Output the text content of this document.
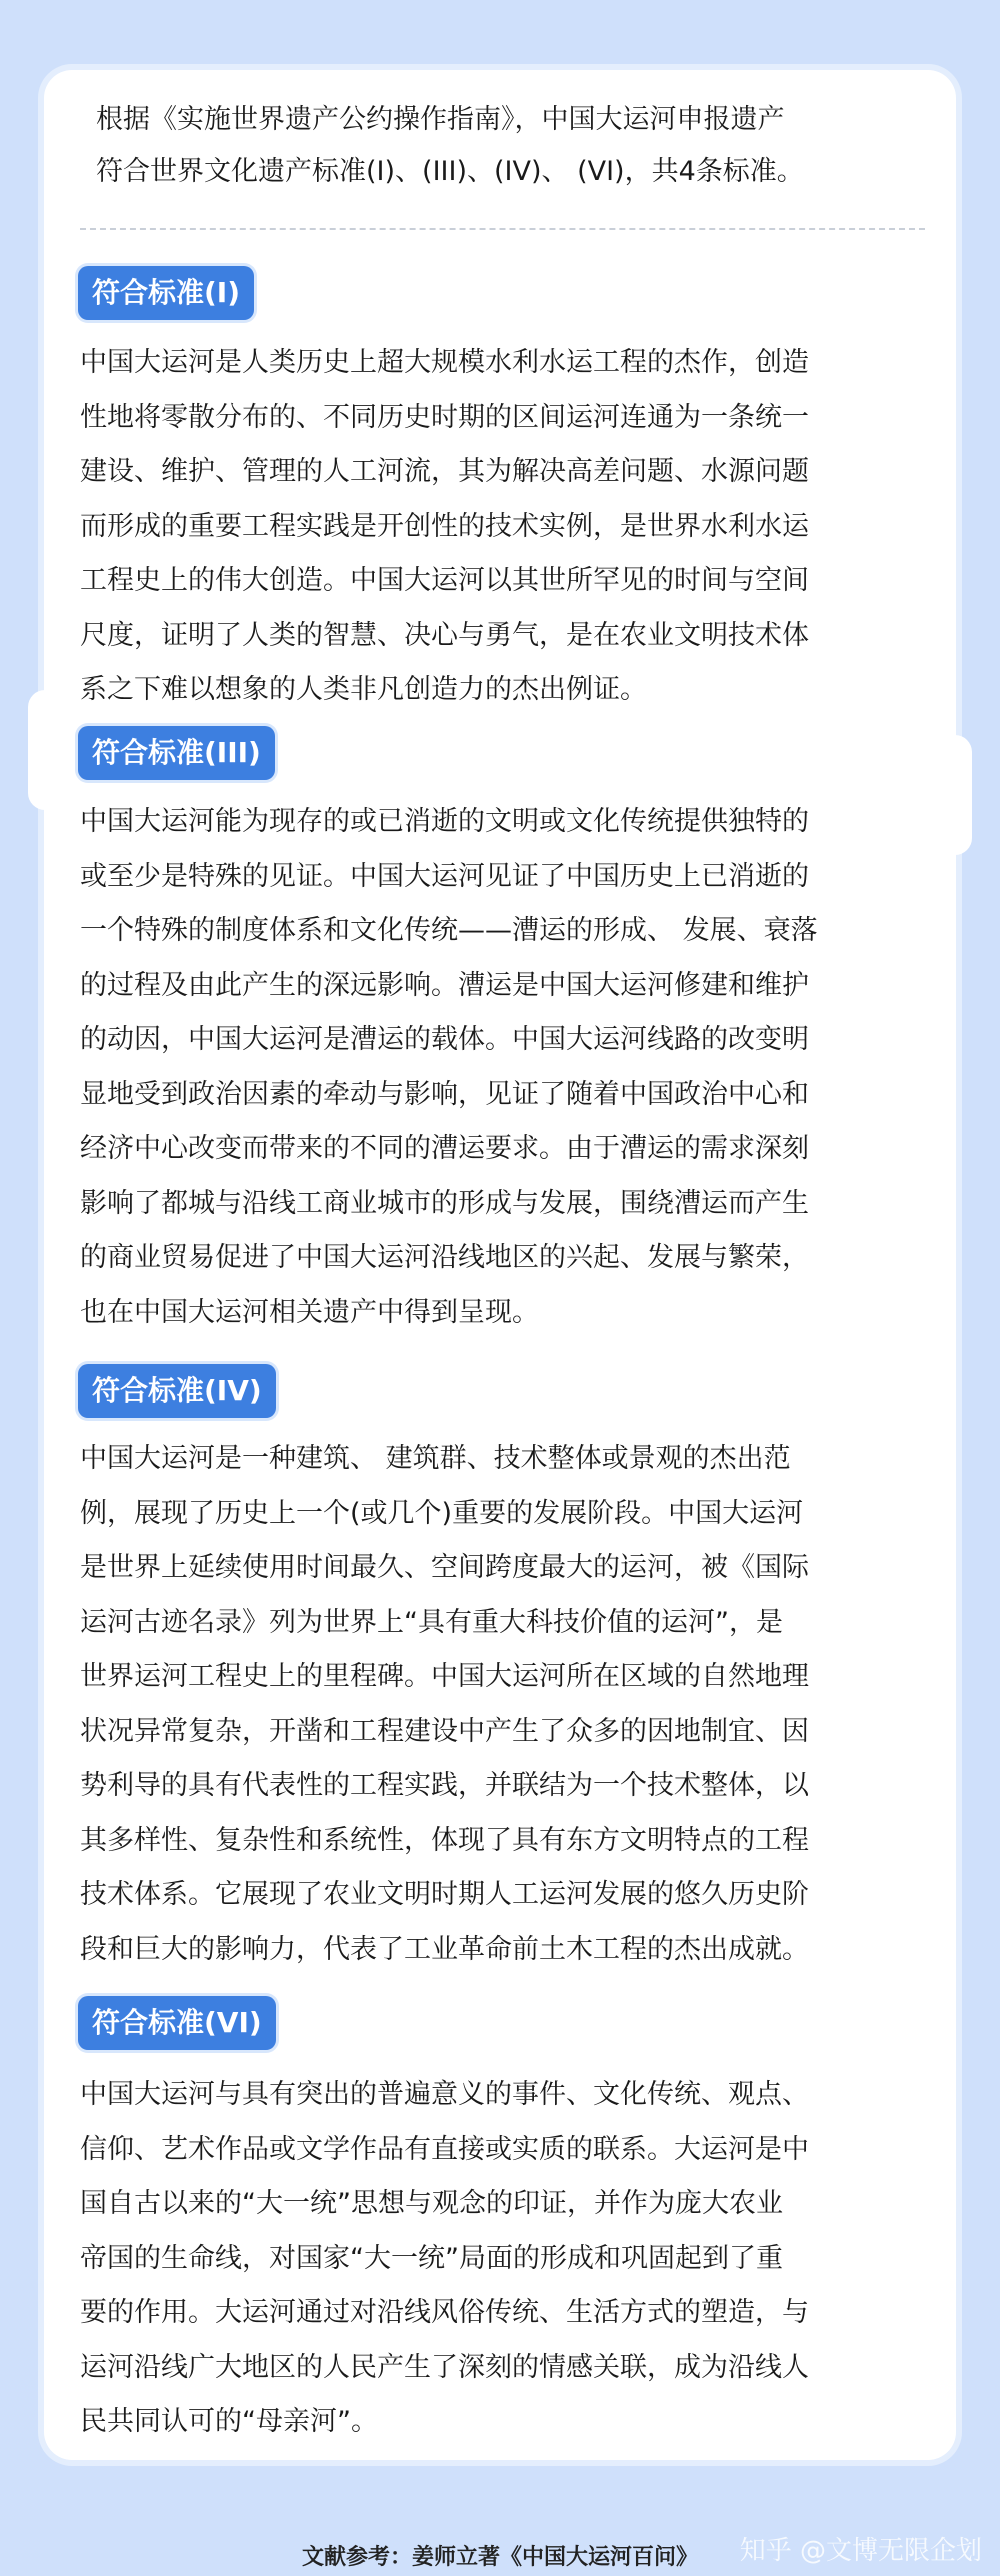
根据《实施世界遗产公约操作指南》，中国大运河申报遗产
符合世界文化遗产标准(I)、(III)、(IV)、 (VI)，共4条标准。

符合标准(I)

中国大运河是人类历史上超大规模水利水运工程的杰作，创造
性地将零散分布的、不同历史时期的区间运河连通为一条统一
建设、维护、管理的人工河流，其为解决高差问题、水源问题
而形成的重要工程实践是开创性的技术实例，是世界水利水运
工程史上的伟大创造。中国大运河以其世所罕见的时间与空间
尺度，证明了人类的智慧、决心与勇气，是在农业文明技术体
系之下难以想象的人类非凡创造力的杰出例证。

符合标准(III)

中国大运河能为现存的或已消逝的文明或文化传统提供独特的
或至少是特殊的见证。中国大运河见证了中国历史上已消逝的
一个特殊的制度体系和文化传统——漕运的形成、 发展、衰落
的过程及由此产生的深远影响。漕运是中国大运河修建和维护
的动因，中国大运河是漕运的载体。中国大运河线路的改变明
显地受到政治因素的牵动与影响，见证了随着中国政治中心和
经济中心改变而带来的不同的漕运要求。由于漕运的需求深刻
影响了都城与沿线工商业城市的形成与发展，围绕漕运而产生
的商业贸易促进了中国大运河沿线地区的兴起、发展与繁荣，
也在中国大运河相关遗产中得到呈现。

符合标准(IV)

中国大运河是一种建筑、 建筑群、技术整体或景观的杰出范
例，展现了历史上一个(或几个)重要的发展阶段。中国大运河
是世界上延续使用时间最久、空间跨度最大的运河，被《国际
运河古迹名录》列为世界上“具有重大科技价值的运河”，是
世界运河工程史上的里程碑。中国大运河所在区域的自然地理
状况异常复杂，开凿和工程建设中产生了众多的因地制宜、因
势利导的具有代表性的工程实践，并联结为一个技术整体，以
其多样性、复杂性和系统性，体现了具有东方文明特点的工程
技术体系。它展现了农业文明时期人工运河发展的悠久历史阶
段和巨大的影响力，代表了工业革命前土木工程的杰出成就。

符合标准(VI)

中国大运河与具有突出的普遍意义的事件、文化传统、观点、
信仰、艺术作品或文学作品有直接或实质的联系。大运河是中
国自古以来的“大一统”思想与观念的印证，并作为庞大农业
帝国的生命线，对国家“大一统”局面的形成和巩固起到了重
要的作用。大运河通过对沿线风俗传统、生活方式的塑造，与
运河沿线广大地区的人民产生了深刻的情感关联，成为沿线人
民共同认可的“母亲河”。

文献参考：姜师立著《中国大运河百问》	知乎 @文博无限企划
